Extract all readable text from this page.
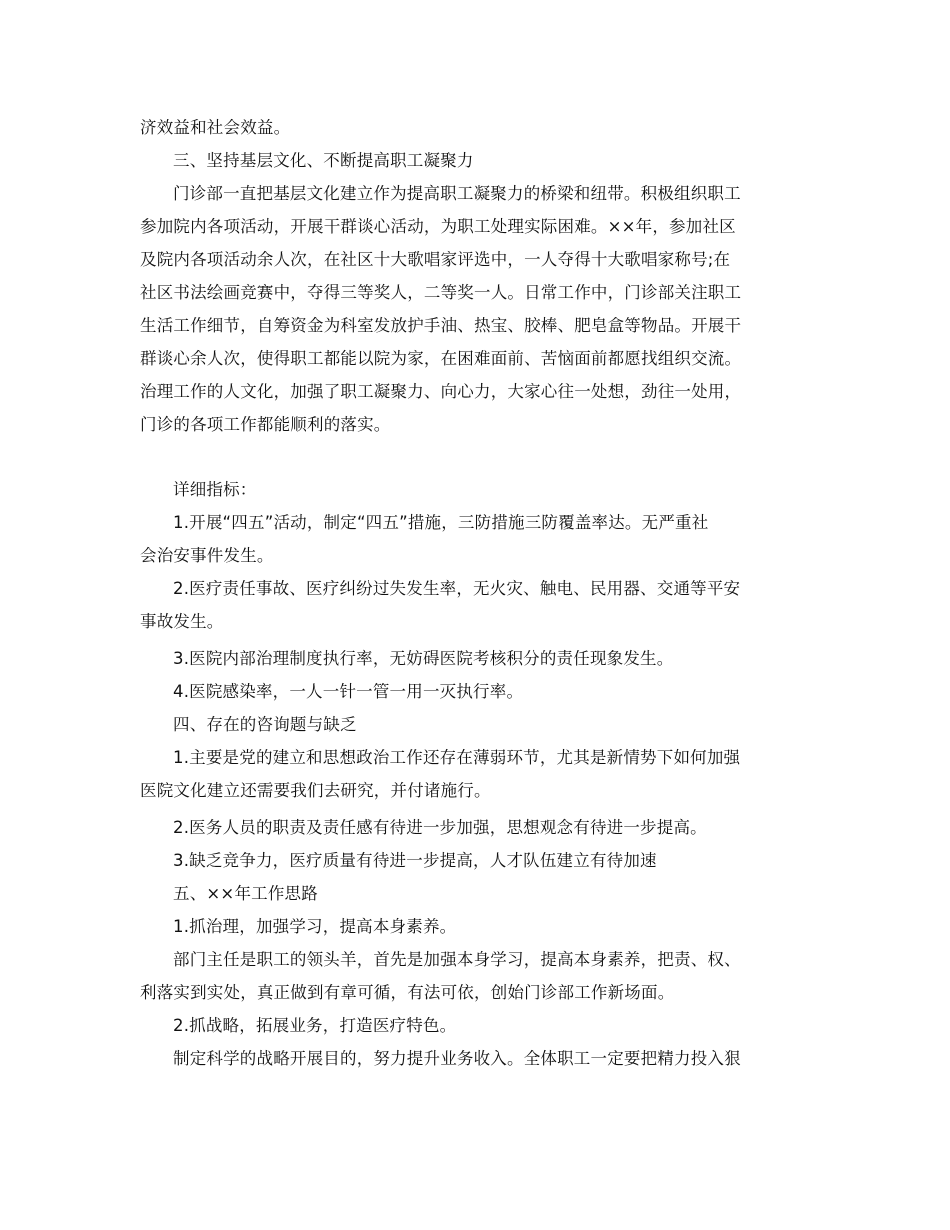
济效益和社会效益。
三、坚持基层文化、不断提高职工凝聚力
门诊部一直把基层文化建立作为提高职工凝聚力的桥梁和纽带。积极组织职工
参加院内各项活动，开展干群谈心活动，为职工处理实际困难。××年，参加社区
及院内各项活动余人次，在社区十大歌唱家评选中，一人夺得十大歌唱家称号;在
社区书法绘画竞赛中，夺得三等奖人，二等奖一人。日常工作中，门诊部关注职工
生活工作细节，自筹资金为科室发放护手油、热宝、胶棒、肥皂盒等物品。开展干
群谈心余人次，使得职工都能以院为家，在困难面前、苦恼面前都愿找组织交流。
治理工作的人文化，加强了职工凝聚力、向心力，大家心往一处想，劲往一处用，
门诊的各项工作都能顺利的落实。
详细指标：
1.开展“四五”活动，制定“四五”措施，三防措施三防覆盖率达。无严重社
会治安事件发生。
2.医疗责任事故、医疗纠纷过失发生率，无火灾、触电、民用器、交通等平安
事故发生。
3.医院内部治理制度执行率，无妨碍医院考核积分的责任现象发生。
4.医院感染率，一人一针一管一用一灭执行率。
四、存在的咨询题与缺乏
1.主要是党的建立和思想政治工作还存在薄弱环节，尤其是新情势下如何加强
医院文化建立还需要我们去研究，并付诸施行。
2.医务人员的职责及责任感有待进一步加强，思想观念有待进一步提高。
3.缺乏竞争力，医疗质量有待进一步提高，人才队伍建立有待加速
五、××年工作思路
1.抓治理，加强学习，提高本身素养。
部门主任是职工的领头羊，首先是加强本身学习，提高本身素养，把责、权、
利落实到实处，真正做到有章可循，有法可依，创始门诊部工作新场面。
2.抓战略，拓展业务，打造医疗特色。
制定科学的战略开展目的，努力提升业务收入。全体职工一定要把精力投入狠
